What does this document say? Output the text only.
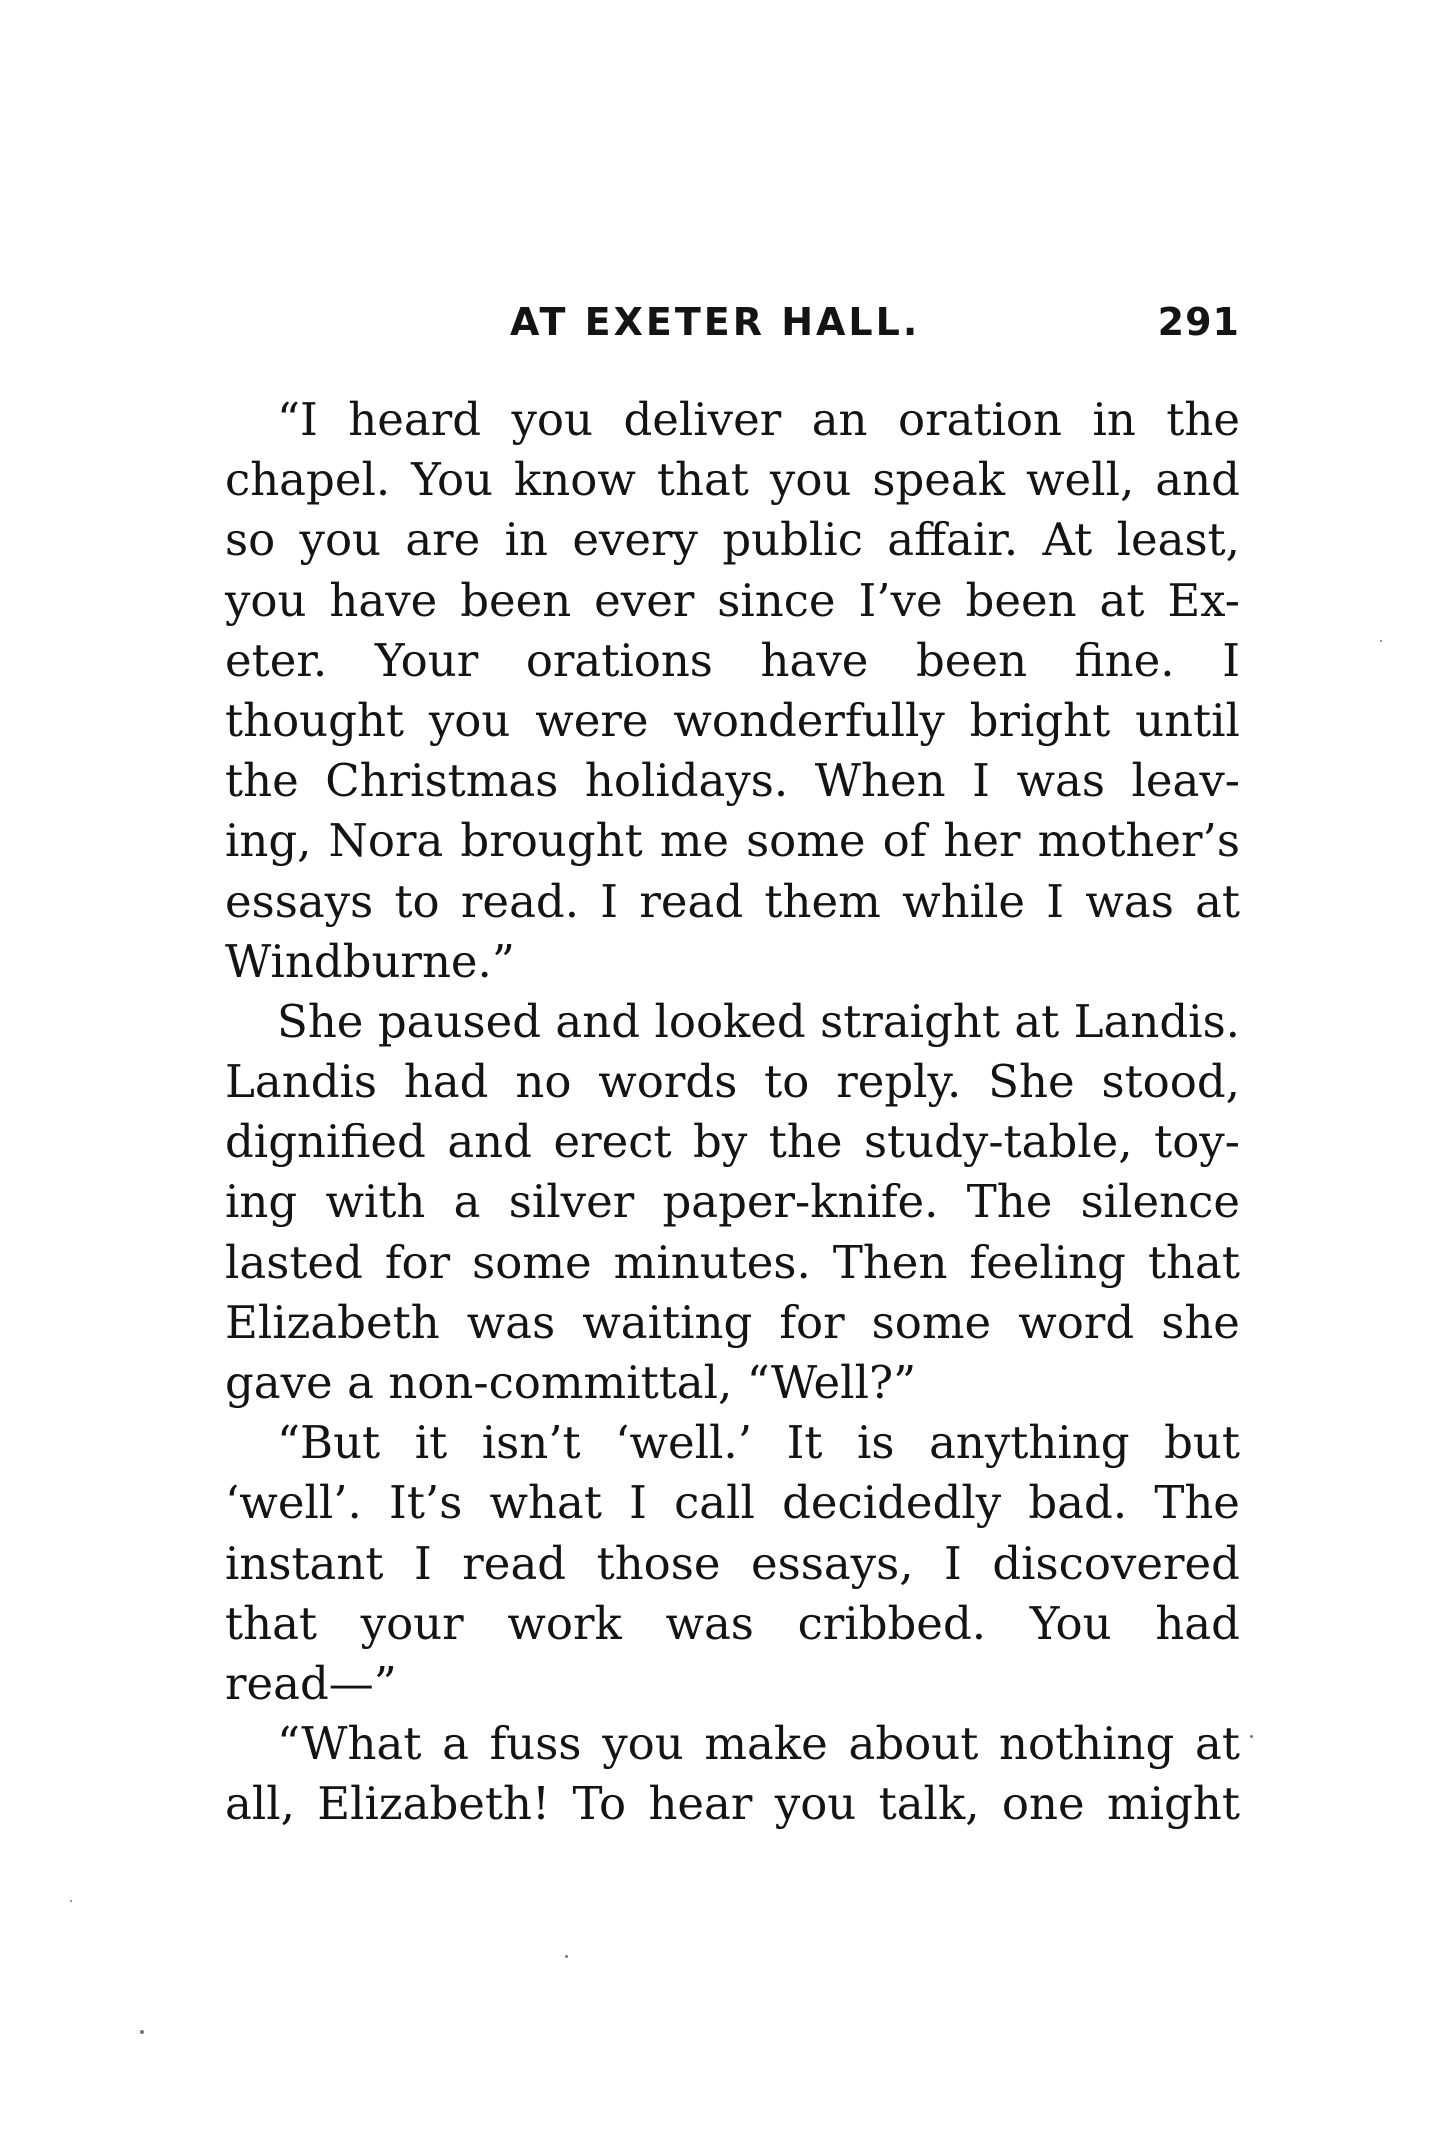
AT EXETER HALL.	291
“I heard you deliver an oration in the
chapel. You know that you speak well, and
so you are in every public affair. At least,
you have been ever since I’ve been at Ex-
eter. Your orations have been fine. I
thought you were wonderfully bright until
the Christmas holidays. When I was leav-
ing, Nora brought me some of her mother’s
essays to read. I read them while I was at
Windburne.”
She paused and looked straight at Landis.
Landis had no words to reply. She stood,
dignified and erect by the study-table, toy-
ing with a silver paper-knife. The silence
lasted for some minutes. Then feeling that
Elizabeth was waiting for some word she
gave a non-committal, “Well?”
“But it isn’t ‘well.’ It is anything but
‘well’. It’s what I call decidedly bad. The
instant I read those essays, I discovered
that your work was cribbed. You had
read—”
“What a fuss you make about nothing at
all, Elizabeth! To hear you talk, one might
